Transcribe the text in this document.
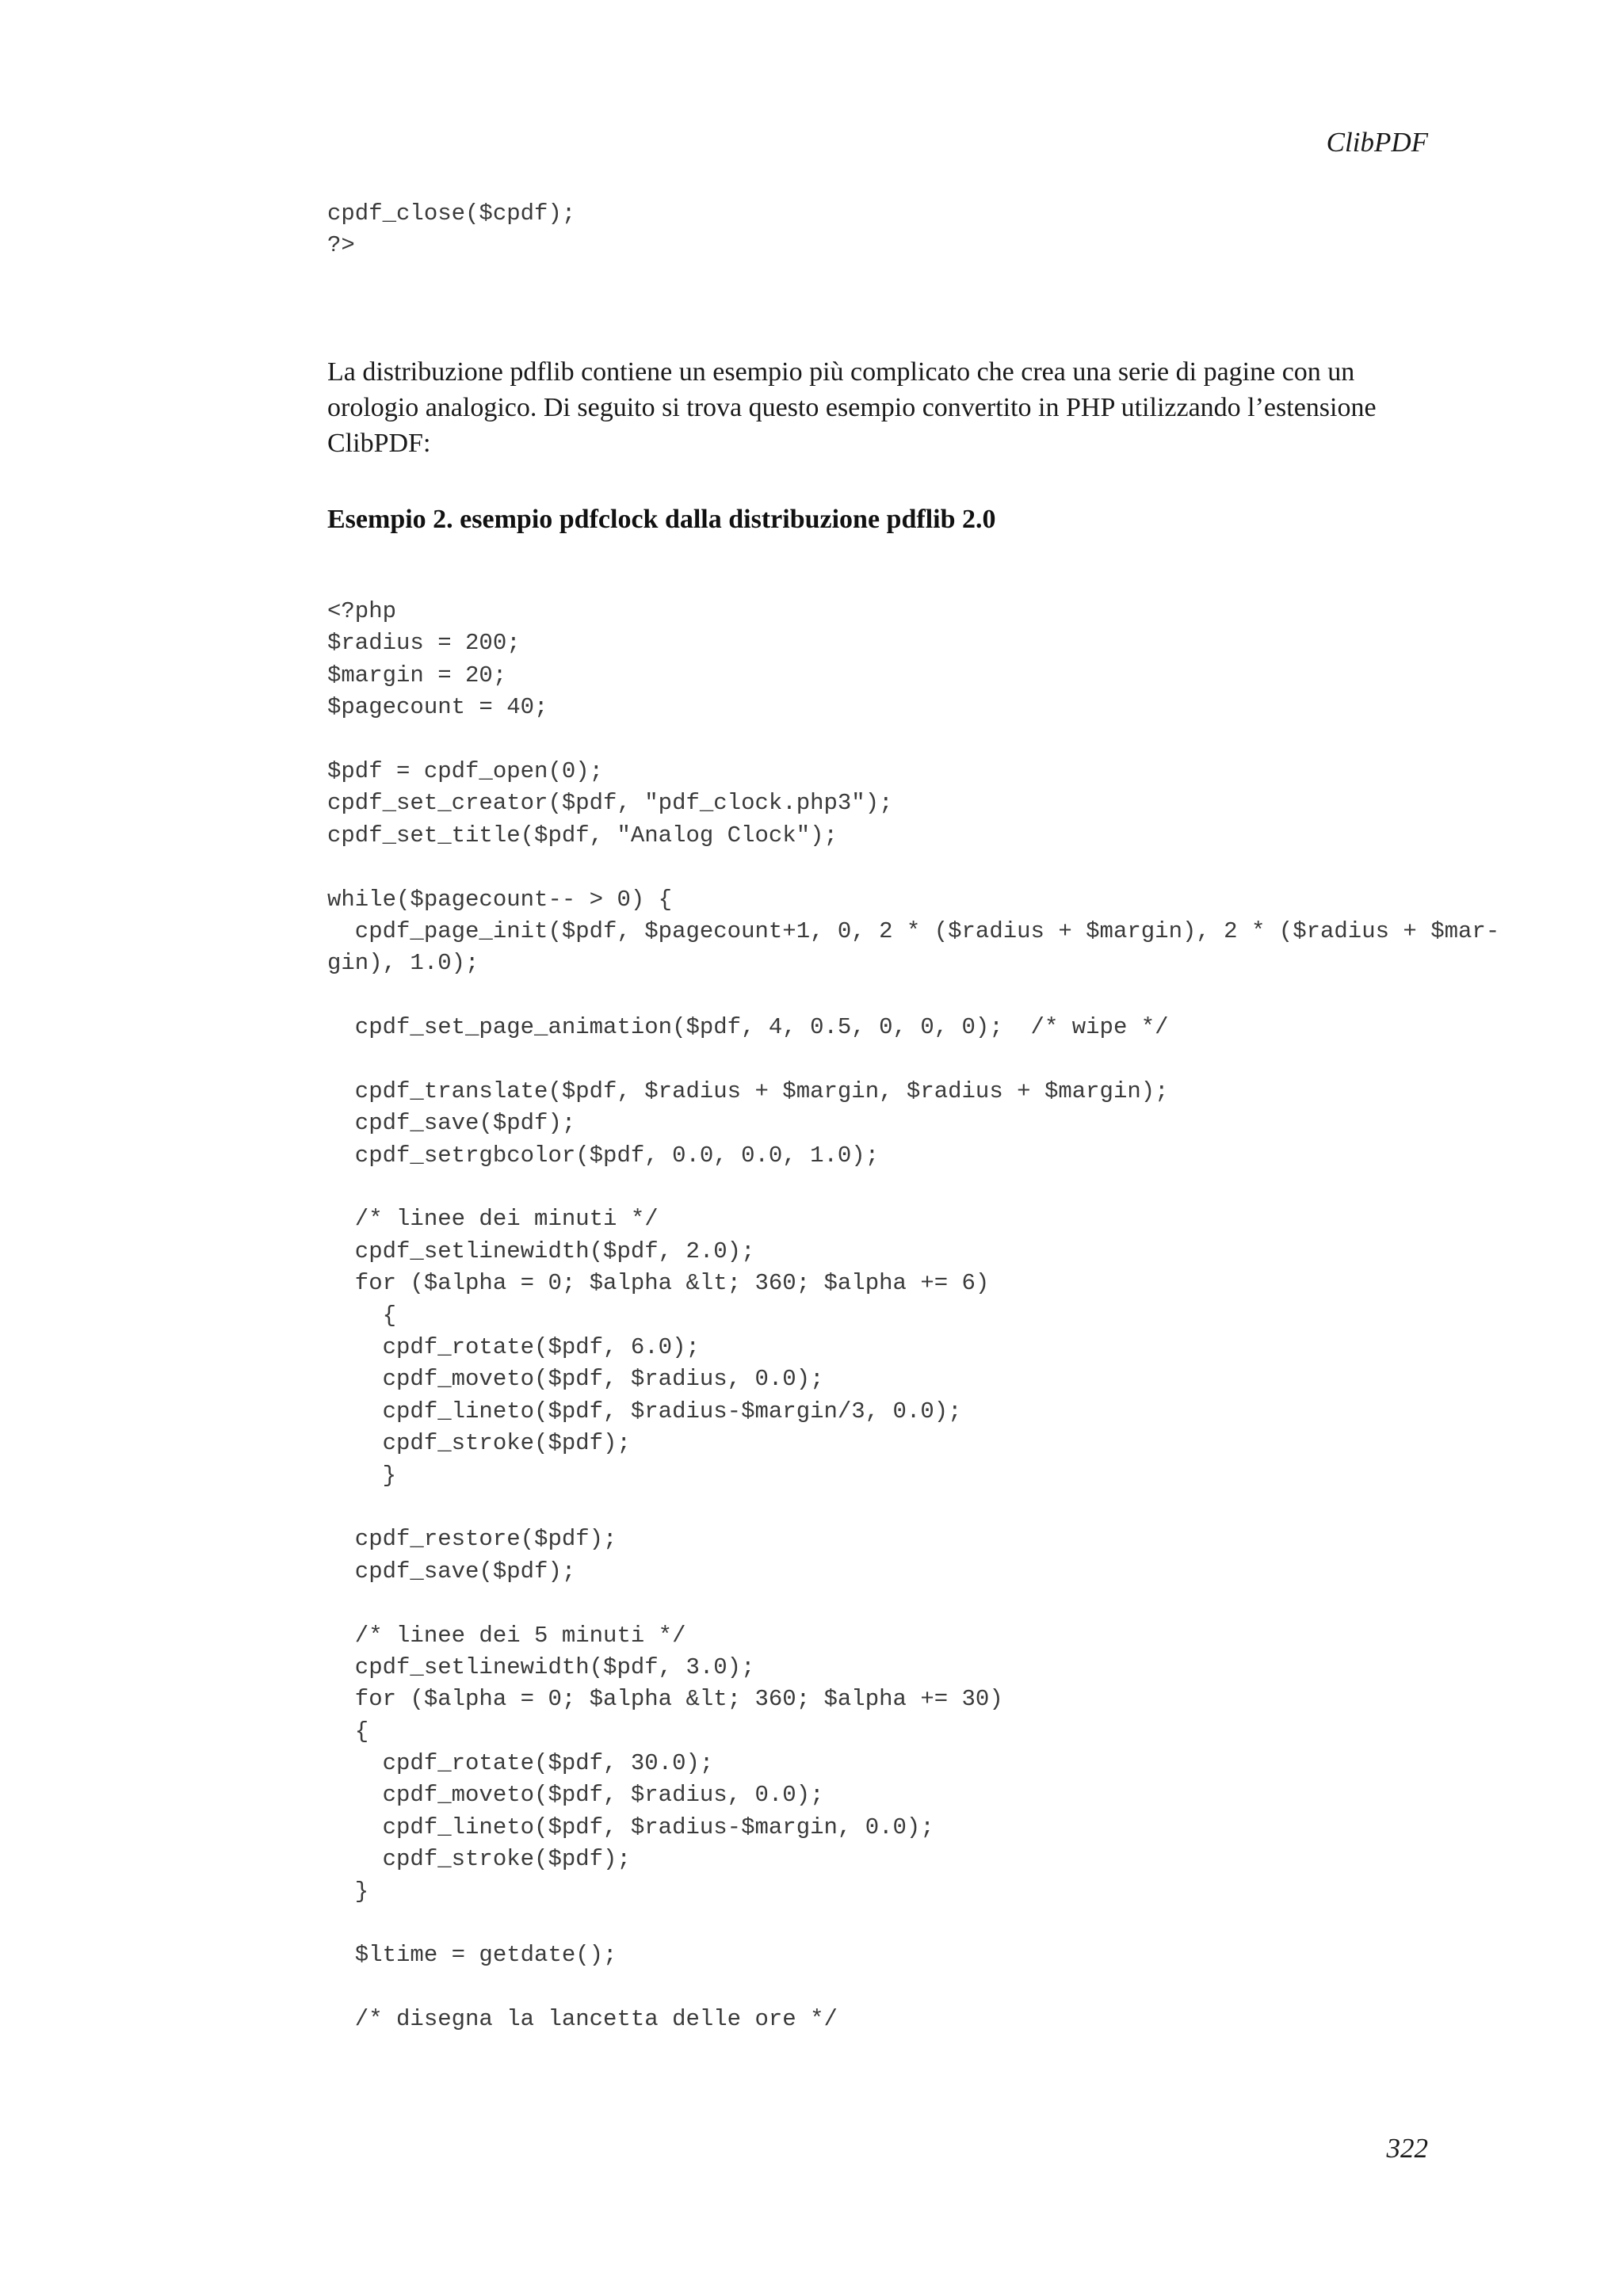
ClibPDF

cpdf_close($cpdf);
?>

La distribuzione pdflib contiene un esempio più complicato che crea una serie di pagine con un orologio analogico. Di seguito si trova questo esempio convertito in PHP utilizzando l’estensione ClibPDF:

Esempio 2. esempio pdfclock dalla distribuzione pdflib 2.0

<?php
$radius = 200;
$margin = 20;
$pagecount = 40;
$pdf = cpdf_open(0);
cpdf_set_creator($pdf, "pdf_clock.php3");
cpdf_set_title($pdf, "Analog Clock");
while($pagecount-- > 0) {
cpdf_page_init($pdf, $pagecount+1, 0, 2 * ($radius + $margin), 2 * ($radius + $mar-
gin), 1.0);
cpdf_set_page_animation($pdf, 4, 0.5, 0, 0, 0);  /* wipe */
cpdf_translate($pdf, $radius + $margin, $radius + $margin);
cpdf_save($pdf);
cpdf_setrgbcolor($pdf, 0.0, 0.0, 1.0);
/* linee dei minuti */
cpdf_setlinewidth($pdf, 2.0);
for ($alpha = 0; $alpha &lt; 360; $alpha += 6)
{
cpdf_rotate($pdf, 6.0);
cpdf_moveto($pdf, $radius, 0.0);
cpdf_lineto($pdf, $radius-$margin/3, 0.0);
cpdf_stroke($pdf);
}
cpdf_restore($pdf);
cpdf_save($pdf);
/* linee dei 5 minuti */
cpdf_setlinewidth($pdf, 3.0);
for ($alpha = 0; $alpha &lt; 360; $alpha += 30)
{
cpdf_rotate($pdf, 30.0);
cpdf_moveto($pdf, $radius, 0.0);
cpdf_lineto($pdf, $radius-$margin, 0.0);
cpdf_stroke($pdf);
}
$ltime = getdate();
/* disegna la lancetta delle ore */

322
